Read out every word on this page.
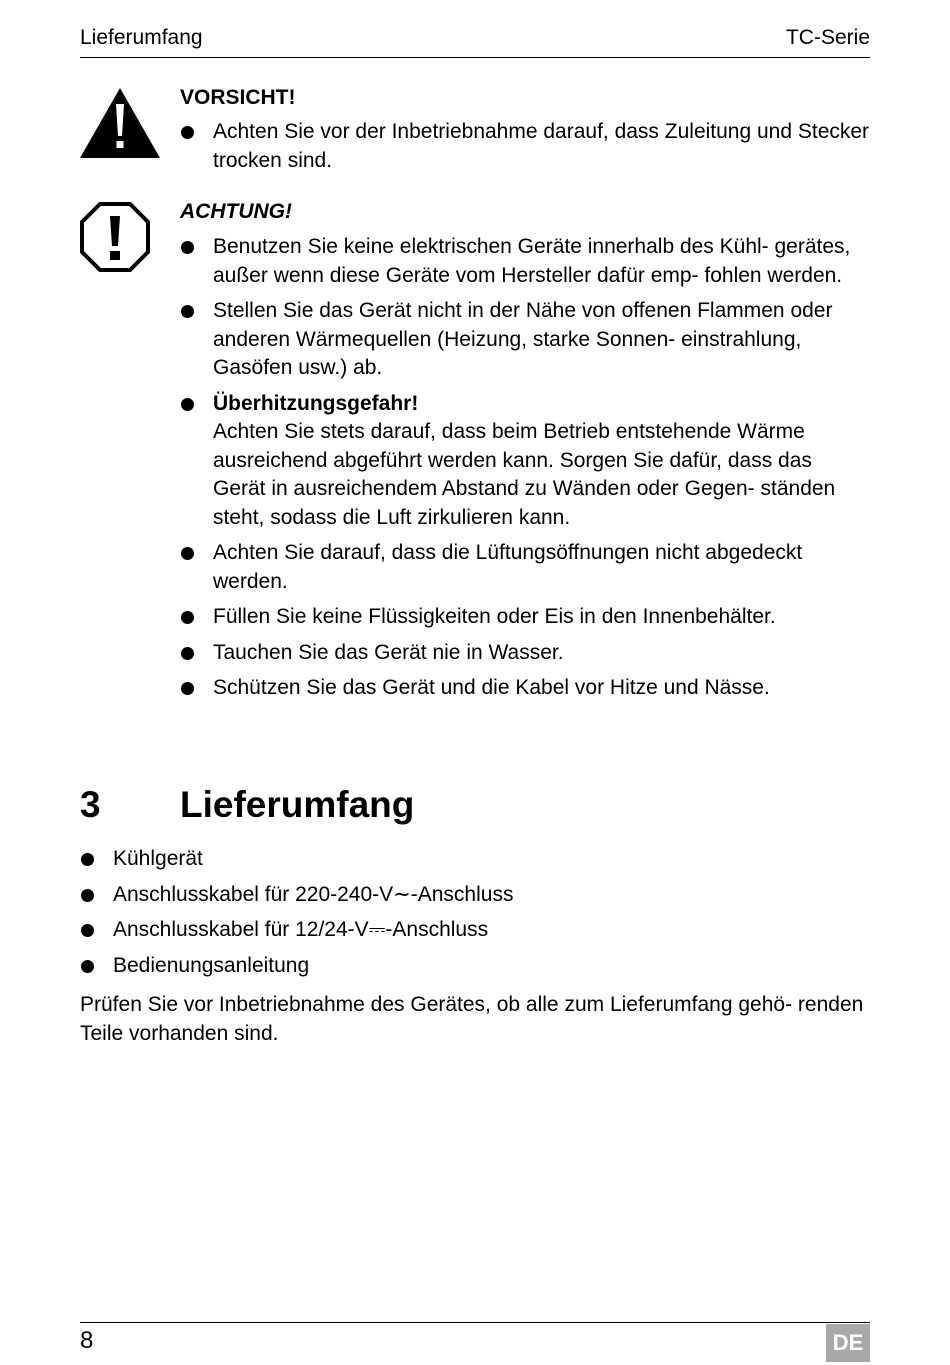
Lieferumfang	TC-Serie
VORSICHT!
Achten Sie vor der Inbetriebnahme darauf, dass Zuleitung und Stecker trocken sind.
ACHTUNG!
Benutzen Sie keine elektrischen Geräte innerhalb des Kühl- gerätes, außer wenn diese Geräte vom Hersteller dafür emp- fohlen werden.
Stellen Sie das Gerät nicht in der Nähe von offenen Flammen oder anderen Wärmequellen (Heizung, starke Sonnen- einstrahlung, Gasöfen usw.) ab.
Überhitzungsgefahr!
Achten Sie stets darauf, dass beim Betrieb entstehende Wärme ausreichend abgeführt werden kann. Sorgen Sie dafür, dass das Gerät in ausreichendem Abstand zu Wänden oder Gegen- ständen steht, sodass die Luft zirkulieren kann.
Achten Sie darauf, dass die Lüftungsöffnungen nicht abgedeckt werden.
Füllen Sie keine Flüssigkeiten oder Eis in den Innenbehälter.
Tauchen Sie das Gerät nie in Wasser.
Schützen Sie das Gerät und die Kabel vor Hitze und Nässe.
3 Lieferumfang
Kühlgerät
Anschlusskabel für 220-240-V∼-Anschluss
Anschlusskabel für 12/24-V⎓-Anschluss
Bedienungsanleitung
Prüfen Sie vor Inbetriebnahme des Gerätes, ob alle zum Lieferumfang gehö- renden Teile vorhanden sind.
8	DE
